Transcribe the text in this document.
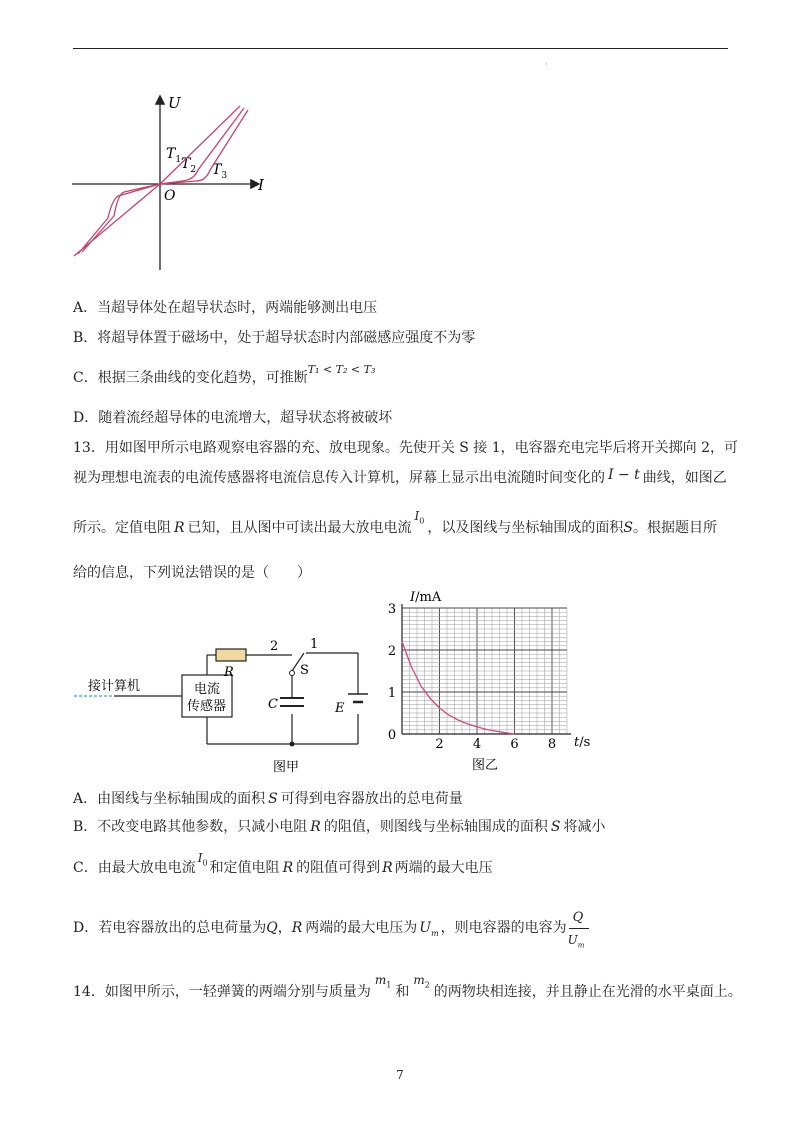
·
U
I
O
$T_1$ $T_2$ $T_3$
A．当超导体处在超导状态时，两端能够测出电压
B．将超导体置于磁场中，处于超导状态时内部磁感应强度不为零
C．根据三条曲线的变化趋势，可推断$^{T_1 < T_2 < T_3}$
D．随着流经超导体的电流增大，超导状态将被破坏
13．用如图甲所示电路观察电容器的充、放电现象。先使开关 S 接 1，电容器充电完毕后将开关掷向 2，可
视为理想电流表的电流传感器将电流信息传入计算机，屏幕上显示出电流随时间变化的 I − t 曲线，如图乙
所示。定值电阻 R 已知，且从图中可读出最大放电电流$I_0$ ，以及图线与坐标轴围成的面积S。根据题目所
给的信息，下列说法错误的是（　　）
接计算机	电流
传感器
R
2 1
S
C	E
图甲
2 4 6 8
1
2
3
0
I/mA
t/s
图乙
A．由图线与坐标轴围成的面积 S 可得到电容器放出的总电荷量
B．不改变电路其他参数，只减小电阻 R 的阻值，则图线与坐标轴围成的面积 S 将减小
C．由最大放电电流$I_0$ 和定值电阻 R 的阻值可得到 R 两端的最大电压
D．若电容器放出的总电荷量为Q，R 两端的最大电压为 $U_m$ ，则电容器的电容为
$\frac{Q}{U_m}$
14．如图甲所示，一轻弹簧的两端分别与质量为$m_1$ 和$m_2$ 的两物块相连接，并且静止在光滑的水平桌面上。
7
